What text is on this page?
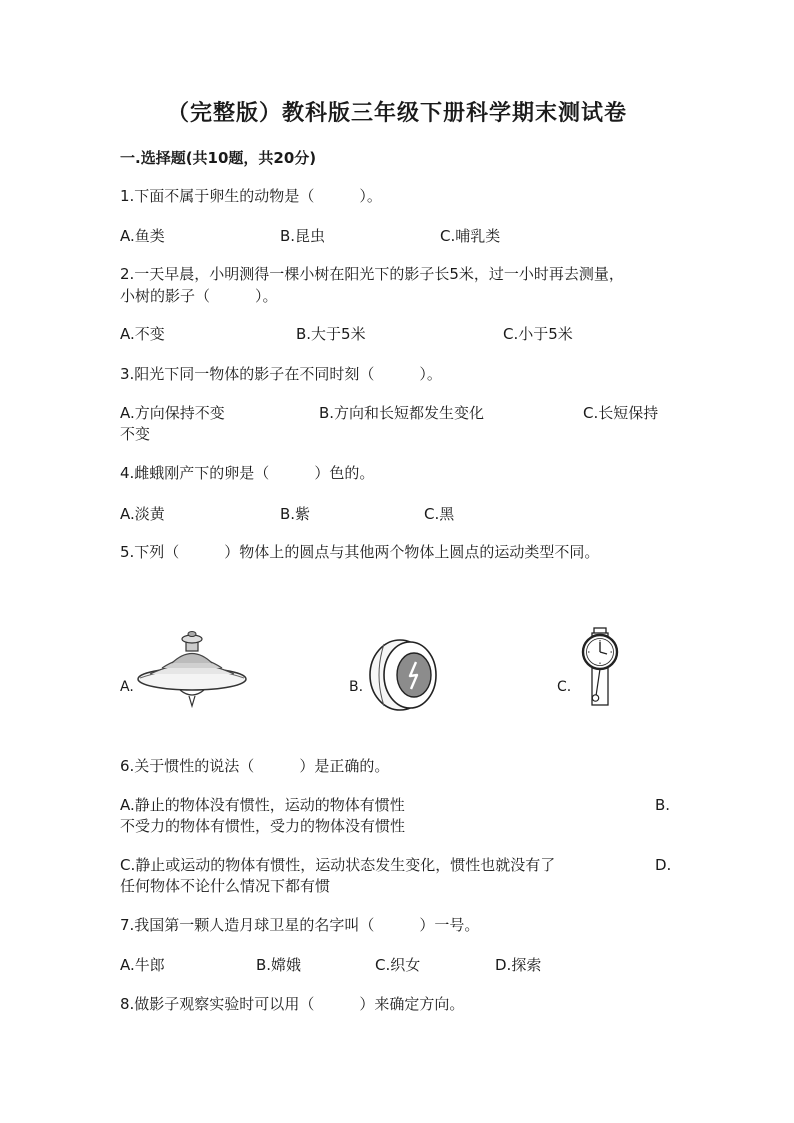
（完整版）教科版三年级下册科学期末测试卷
一.选择题(共10题，共20分)
1.下面不属于卵生的动物是（　　　）。
A.鱼类	B.昆虫	C.哺乳类
2.一天早晨，小明测得一棵小树在阳光下的影子长5米，过一小时再去测量，
小树的影子（　　　）。
A.不变	B.大于5米	C.小于5米
3.阳光下同一物体的影子在不同时刻（　　　）。
A.方向保持不变	B.方向和长短都发生变化	C.长短保持
不变
4.雌蛾刚产下的卵是（　　　）色的。
A.淡黄	B.紫	C.黑
5.下列（　　　）物体上的圆点与其他两个物体上圆点的运动类型不同。
A.	B.	C.
6.关于惯性的说法（　　　）是正确的。
A.静止的物体没有惯性，运动的物体有惯性	B.
不受力的物体有惯性，受力的物体没有惯性
C.静止或运动的物体有惯性，运动状态发生变化，惯性也就没有了	D.
任何物体不论什么情况下都有惯
7.我国第一颗人造月球卫星的名字叫（　　　）一号。
A.牛郎	B.嫦娥	C.织女	D.探索
8.做影子观察实验时可以用（　　　）来确定方向。
